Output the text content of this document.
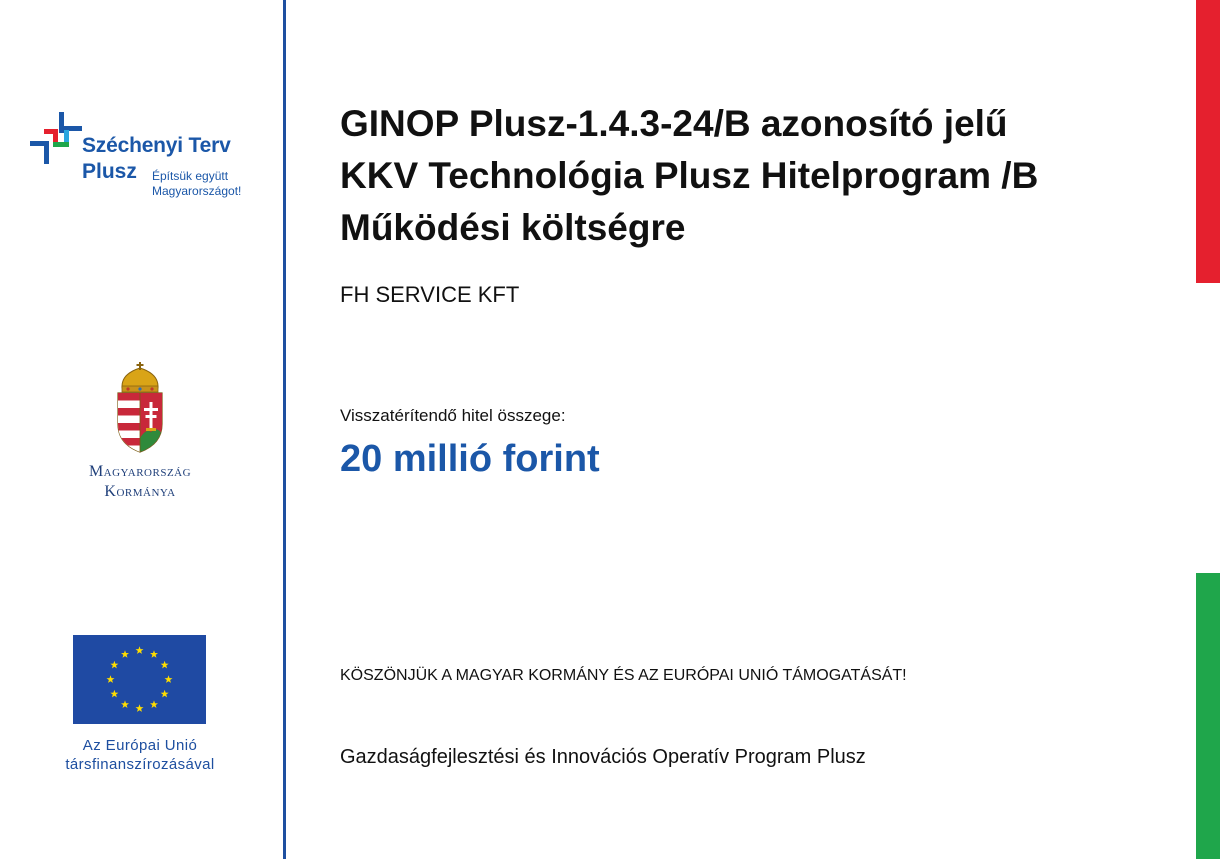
Széchenyi Terv
Plusz Építsük együtt
Magyarországot!
Magyarország
Kormánya
Az Európai Unió
társfinanszírozásával
GINOP Plusz-1.4.3-24/B azonosító jelű
KKV Technológia Plusz Hitelprogram /B
Működési költségre
FH SERVICE KFT
Visszatérítendő hitel összege:
20 millió forint
KÖSZÖNJÜK A MAGYAR KORMÁNY ÉS AZ EURÓPAI UNIÓ TÁMOGATÁSÁT!
Gazdaságfejlesztési és Innovációs Operatív Program Plusz
